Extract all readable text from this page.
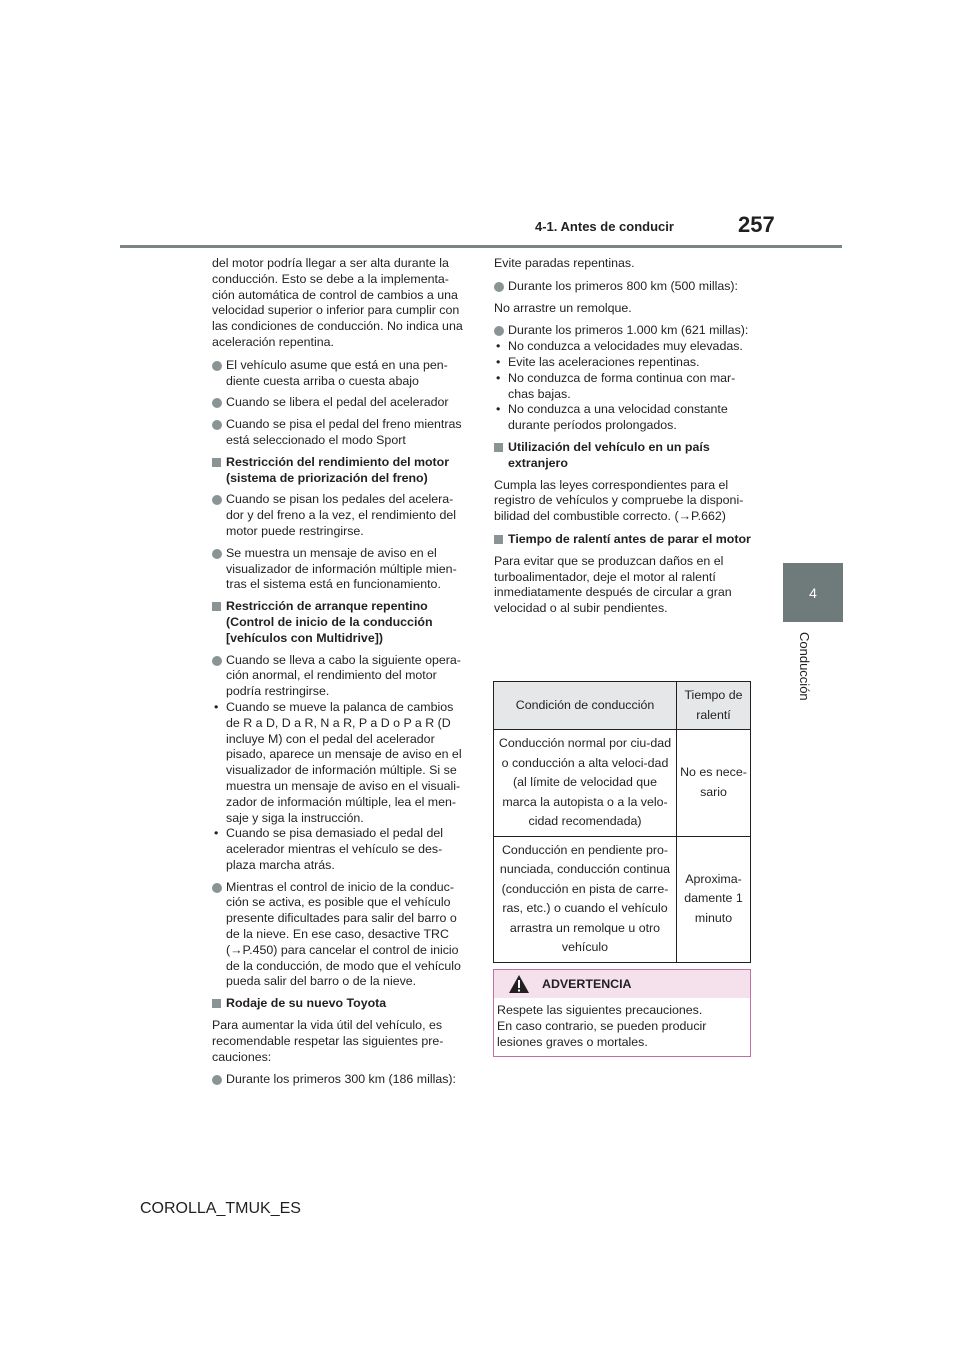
4-1. Antes de conducir	257
4
Conducción

del motor podría llegar a ser alta durante la conducción. Esto se debe a la implementa-ción automática de control de cambios a una velocidad superior o inferior para cumplir con las condiciones de conducción. No indica una aceleración repentina.

El vehículo asume que está en una pen-diente cuesta arriba o cuesta abajo
Cuando se libera el pedal del acelerador
Cuando se pisa el pedal del freno mientras está seleccionado el modo Sport
Restricción del rendimiento del motor (sistema de priorización del freno)
Cuando se pisan los pedales del acelera-dor y del freno a la vez, el rendimiento del motor puede restringirse.
Se muestra un mensaje de aviso en el visualizador de información múltiple mien-tras el sistema está en funcionamiento.
Restricción de arranque repentino (Control de inicio de la conducción [vehículos con Multidrive])
Cuando se lleva a cabo la siguiente opera-ción anormal, el rendimiento del motor podría restringirse.
• Cuando se mueve la palanca de cambios de R a D, D a R, N a R, P a D o P a R (D incluye M) con el pedal del acelerador pisado, aparece un mensaje de aviso en el visualizador de información múltiple. Si se muestra un mensaje de aviso en el visuali-zador de información múltiple, lea el men-saje y siga la instrucción.
• Cuando se pisa demasiado el pedal del acelerador mientras el vehículo se des-plaza marcha atrás.
Mientras el control de inicio de la conduc-ción se activa, es posible que el vehículo presente dificultades para salir del barro o de la nieve. En ese caso, desactive TRC (→P.450) para cancelar el control de inicio de la conducción, de modo que el vehículo pueda salir del barro o de la nieve.
Rodaje de su nuevo Toyota

Para aumentar la vida útil del vehículo, es recomendable respetar las siguientes pre-cauciones:

Durante los primeros 300 km (186 millas):

Evite paradas repentinas.

Durante los primeros 800 km (500 millas):

No arrastre un remolque.

Durante los primeros 1.000 km (621 millas):
• No conduzca a velocidades muy elevadas.
• Evite las aceleraciones repentinas.
• No conduzca de forma continua con mar-chas bajas.
• No conduzca a una velocidad constante durante períodos prolongados.
Utilización del vehículo en un país extranjero

Cumpla las leyes correspondientes para el registro de vehículos y compruebe la disponi-bilidad del combustible correcto. (→P.662)

Tiempo de ralentí antes de parar el motor

Para evitar que se produzcan daños en el turboalimentador, deje el motor al ralentí inmediatamente después de circular a gran velocidad o al subir pendientes.

Condición de conducción	Tiempo de ralentí
Conducción normal por ciu-dad o conducción a alta veloci-dad (al límite de velocidad que marca la autopista o a la velo-cidad recomendada)	No es nece-sario
Conducción en pendiente pro-nunciada, conducción continua (conducción en pista de carre-ras, etc.) o cuando el vehículo arrastra un remolque u otro vehículo	Aproxima-damente 1 minuto
ADVERTENCIA
Respete las siguientes precauciones.
En caso contrario, se pueden producir lesiones graves o mortales.
COROLLA_TMUK_ES
